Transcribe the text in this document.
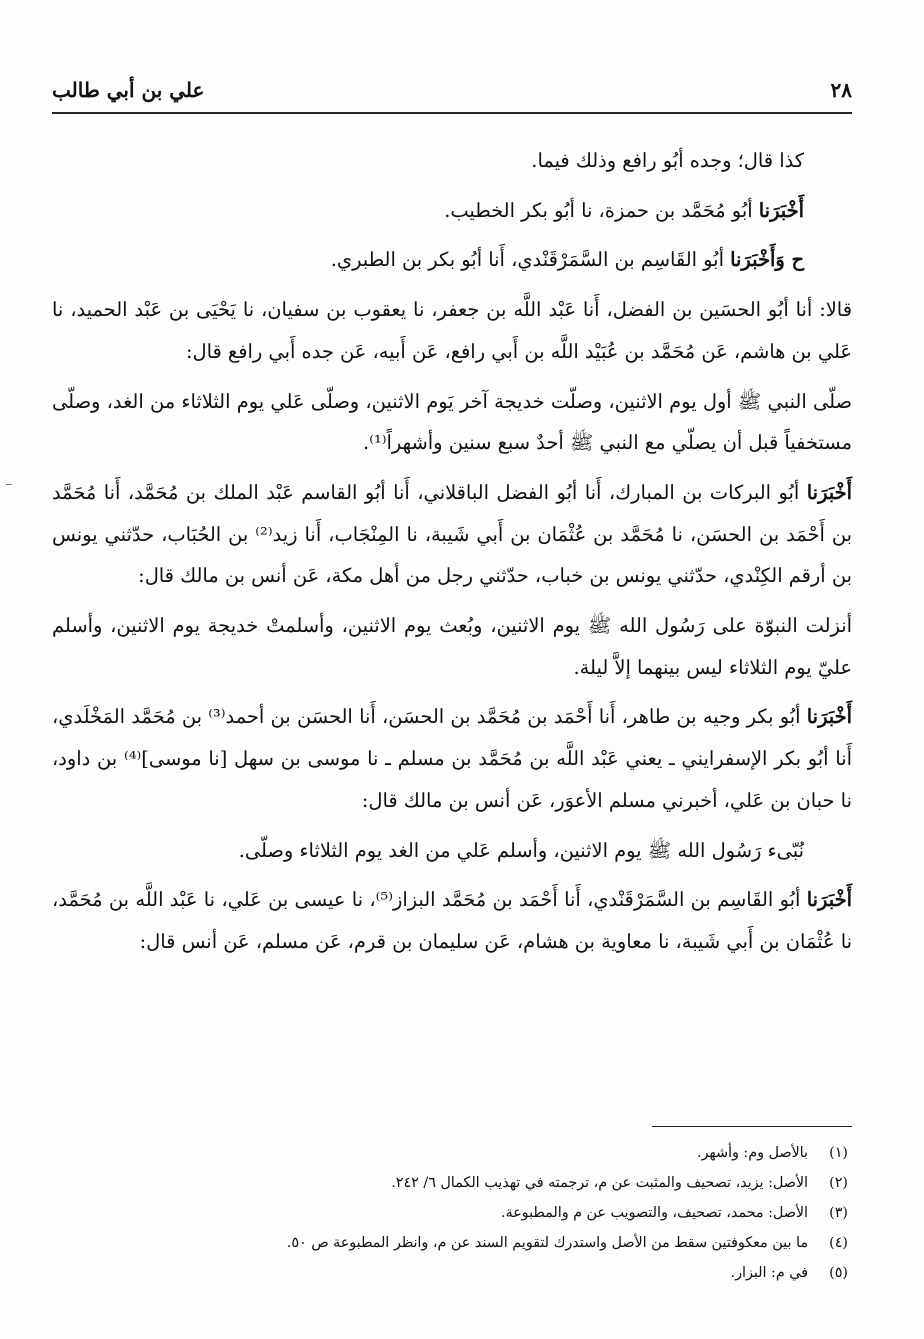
٢٨
علي بن أبي طالب

كذا قال؛ وجده أبُو رافع وذلك فيما.

أَخْبَرَنا أبُو مُحَمَّد بن حمزة، نا أبُو بكر الخطيب.

ح وَأَخْبَرَنا أبُو القَاسِم بن السَّمَرْقَنْدي، أَنا أبُو بكر بن الطبري.

قالا: أنا أبُو الحسَين بن الفضل، أَنا عَبْد اللَّه بن جعفر، نا يعقوب بن سفيان، نا يَحْيَى بن عَبْد الحميد، نا عَلي بن هاشم، عَن مُحَمَّد بن عُبَيْد اللَّه بن أَبي رافع، عَن أَبيه، عَن جده أَبي رافع قال:

صلّى النبي ﷺ أول يوم الاثنين، وصلّت خديجة آخر يَوم الاثنين، وصلّى عَلي يوم الثلاثاء من الغد، وصلّى مستخفياً قبل أن يصلّي مع النبي ﷺ أحدٌ سبع سنين وأشهراً⁽¹⁾.

أَخْبَرَنا أبُو البركات بن المبارك، أَنا أبُو الفضل الباقلاني، أَنا أبُو القاسم عَبْد الملك بن مُحَمَّد، أَنا مُحَمَّد بن أَحْمَد بن الحسَن، نا مُحَمَّد بن عُثْمَان بن أَبي شَيبة، نا المِنْجَاب، أَنا زيد⁽²⁾ بن الحُبَاب، حدّثني يونس بن أرقم الكِنْدي، حدّثني يونس بن خباب، حدّثني رجل من أهل مكة، عَن أنس بن مالك قال:

أنزلت النبوّة على رَسُول الله ﷺ يوم الاثنين، وبُعث يوم الاثنين، وأسلمتْ خديجة يوم الاثنين، وأسلم عليّ يوم الثلاثاء ليس بينهما إلاَّ ليلة.

أَخْبَرَنا أبُو بكر وجيه بن طاهر، أَنا أَحْمَد بن مُحَمَّد بن الحسَن، أَنا الحسَن بن أحمد⁽³⁾ بن مُحَمَّد المَخْلَدي، أَنا أبُو بكر الإسفرايني ـ يعني عَبْد اللَّه بن مُحَمَّد بن مسلم ـ نا موسى بن سهل [نا موسى]⁽⁴⁾ بن داود، نا حبان بن عَلي، أخبرني مسلم الأعوَر، عَن أنس بن مالك قال:

نُبّىء رَسُول الله ﷺ يوم الاثنين، وأسلم عَلي من الغد يوم الثلاثاء وصلّى.

أَخْبَرَنا أبُو القَاسِم بن السَّمَرْقَنْدي، أَنا أَحْمَد بن مُحَمَّد البزاز⁽⁵⁾، نا عيسى بن عَلي، نا عَبْد اللَّه بن مُحَمَّد، نا عُثْمَان بن أَبي شَيبة، نا معاوية بن هشام، عَن سليمان بن قرم، عَن مسلم، عَن أنس قال:

(١)
بالأصل وم: وأشهر.
(٢)
الأصل: يزيد، تصحيف والمثبت عن م، ترجمته في تهذيب الكمال ٦/ ٢٤٢.
(٣)
الأصل: محمد، تصحيف، والتصويب عن م والمطبوعة.
(٤)
ما بين معكوفتين سقط من الأصل واستدرك لتقويم السند عن م، وانظر المطبوعة ص ٥٠.
(٥)
في م: البزار.
